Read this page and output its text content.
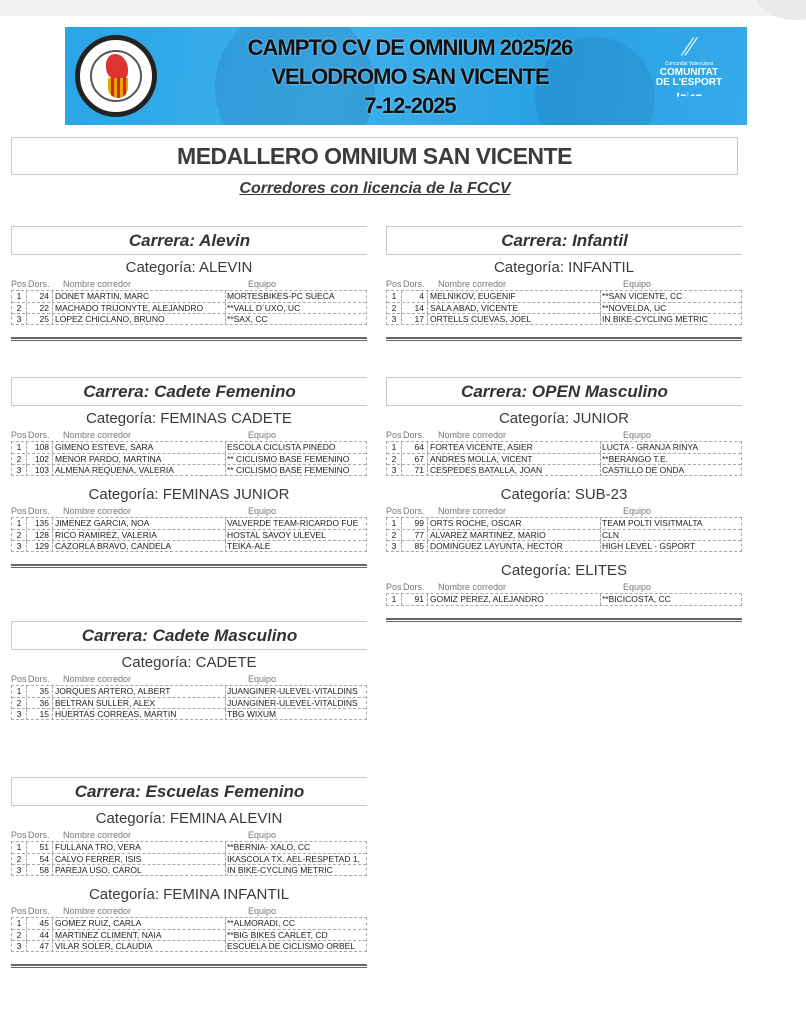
CAMPTO CV DE OMNIUM 2025/26
VELODROMO SAN VICENTE
7-12-2025
⫽
Comunitat Valenciana
COMUNITAT
DE L'ESPORT
▮ ▬ | ☁ ▬
MEDALLERO OMNIUM SAN VICENTE
Corredores con licencia de la FCCV
Carrera: Alevin
Categoría: ALEVIN
Pos Dors. Nombre corredor	Equipo
1	24 DONET MARTIN, MARC	MORTESBIKES-PC SUECA
2	22 MACHADO TRIJONYTE, ALEJANDRO	**VALL D´UXO, UC
3	25 LOPEZ CHICLANO, BRUNO	**SAX, CC
Carrera: Infantil
Categoría: INFANTIL
Pos Dors. Nombre corredor	Equipo
1	4 MELNIKOV, EUGENIF	**SAN VICENTE, CC
2	14 SALA ABAD, VICENTE	**NOVELDA, UC
3	17 ORTELLS CUEVAS, JOEL	IN BIKE-CYCLING METRIC
Carrera: Cadete Femenino
Categoría: FEMINAS CADETE
Pos Dors. Nombre corredor	Equipo
1	108 GIMENO ESTEVE, SARA	ESCOLA CICLISTA PINEDO
2	102 MENOR PARDO, MARTINA	** CICLISMO BASE FEMENINO
3	103 ALMENA REQUENA, VALERIA	** CICLISMO BASE FEMENINO
Categoría: FEMINAS JUNIOR
Pos Dors. Nombre corredor	Equipo
1	135 JIMENEZ GARCIA, NOA	VALVERDE TEAM-RICARDO FUE
2	128 RICO RAMIREZ, VALERIA	HOSTAL SAVOY ULEVEL
3	129 CAZORLA BRAVO, CANDELA	TEIKA-ALE
Carrera: OPEN Masculino
Categoría: JUNIOR
Pos Dors. Nombre corredor	Equipo
1	64 FORTEA VICENTE, ASIER	LUCTA - GRANJA RINYA
2	67 ANDRES MOLLA, VICENT	**BERANGO T.E.
3	71 CESPEDES BATALLA, JOAN	CASTILLO DE ONDA
Categoría: SUB-23
Pos Dors. Nombre corredor	Equipo
1	99 ORTS ROCHE, OSCAR	TEAM POLTI VISITMALTA
2	77 ALVAREZ MARTINEZ, MARIO	CLN
3	85 DOMINGUEZ LAYUNTA, HECTOR	HIGH LEVEL - GSPORT
Categoría: ELITES
Pos Dors. Nombre corredor	Equipo
1	91 GOMIZ PEREZ, ALEJANDRO	**BICICOSTA, CC
Carrera: Cadete Masculino
Categoría: CADETE
Pos Dors. Nombre corredor	Equipo
1	35 JORQUES ARTERO, ALBERT	JUANGINER-ULEVEL-VITALDINS
2	36 BELTRAN SULLER, ALEX	JUANGINER-ULEVEL-VITALDINS
3	15 HUERTAS CORREAS, MARTIN	TBG WIXUM
Carrera: Escuelas Femenino
Categoría: FEMINA ALEVIN
Pos Dors. Nombre corredor	Equipo
1	51 FULLANA TRO, VERA	**BERNIA- XALO, CC
2	54 CALVO FERRER, ISIS	IKASCOLA TX. AEL-RESPETAD 1,
3	58 PAREJA USO, CAROL	IN BIKE-CYCLING METRIC
Categoría: FEMINA INFANTIL
Pos Dors. Nombre corredor	Equipo
1	45 GOMEZ RUIZ, CARLA	**ALMORADI, CC
2	44 MARTINEZ CLIMENT, NAIA	**BIG BIKES CARLET, CD
3	47 VILAR SOLER, CLAUDIA	ESCUELA DE CICLISMO ORBEL
